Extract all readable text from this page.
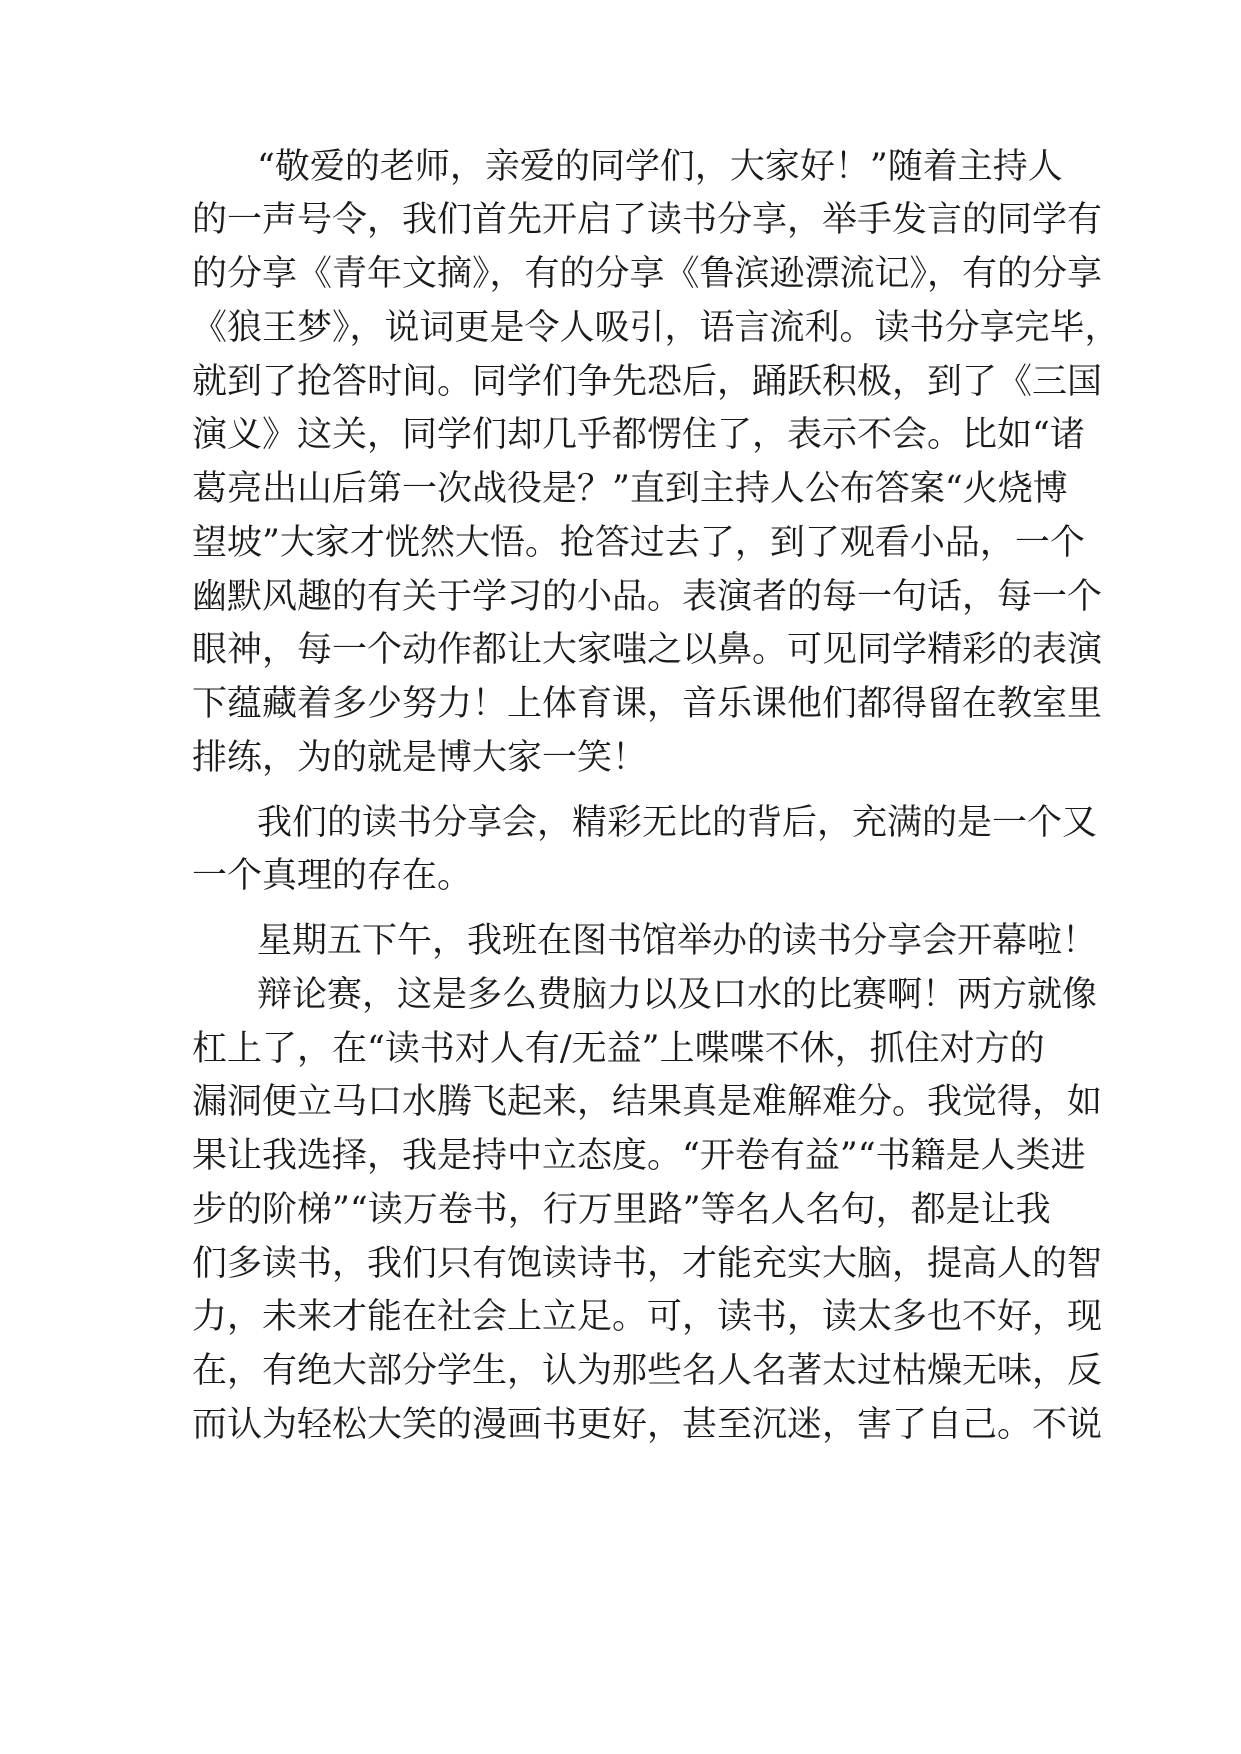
“敬爱的老师，亲爱的同学们，大家好！”随着主持人
的一声号令，我们首先开启了读书分享，举手发言的同学有
的分享《青年文摘》，有的分享《鲁滨逊漂流记》，有的分享
《狼王梦》，说词更是令人吸引，语言流利。读书分享完毕，
就到了抢答时间。同学们争先恐后，踊跃积极，到了《三国
演义》这关，同学们却几乎都愣住了，表示不会。比如“诸
葛亮出山后第一次战役是？”直到主持人公布答案“火烧博
望坡”大家才恍然大悟。抢答过去了，到了观看小品，一个
幽默风趣的有关于学习的小品。表演者的每一句话，每一个
眼神，每一个动作都让大家嗤之以鼻。可见同学精彩的表演
下蕴藏着多少努力！上体育课，音乐课他们都得留在教室里
排练，为的就是博大家一笑！
我们的读书分享会，精彩无比的背后，充满的是一个又
一个真理的存在。
星期五下午，我班在图书馆举办的读书分享会开幕啦！
辩论赛，这是多么费脑力以及口水的比赛啊！两方就像
杠上了，在“读书对人有/无益”上喋喋不休，抓住对方的
漏洞便立马口水腾飞起来，结果真是难解难分。我觉得，如
果让我选择，我是持中立态度。“开卷有益”“书籍是人类进
步的阶梯”“读万卷书，行万里路”等名人名句，都是让我
们多读书，我们只有饱读诗书，才能充实大脑，提高人的智
力，未来才能在社会上立足。可，读书，读太多也不好，现
在，有绝大部分学生，认为那些名人名著太过枯燥无味，反
而认为轻松大笑的漫画书更好，甚至沉迷，害了自己。不说
